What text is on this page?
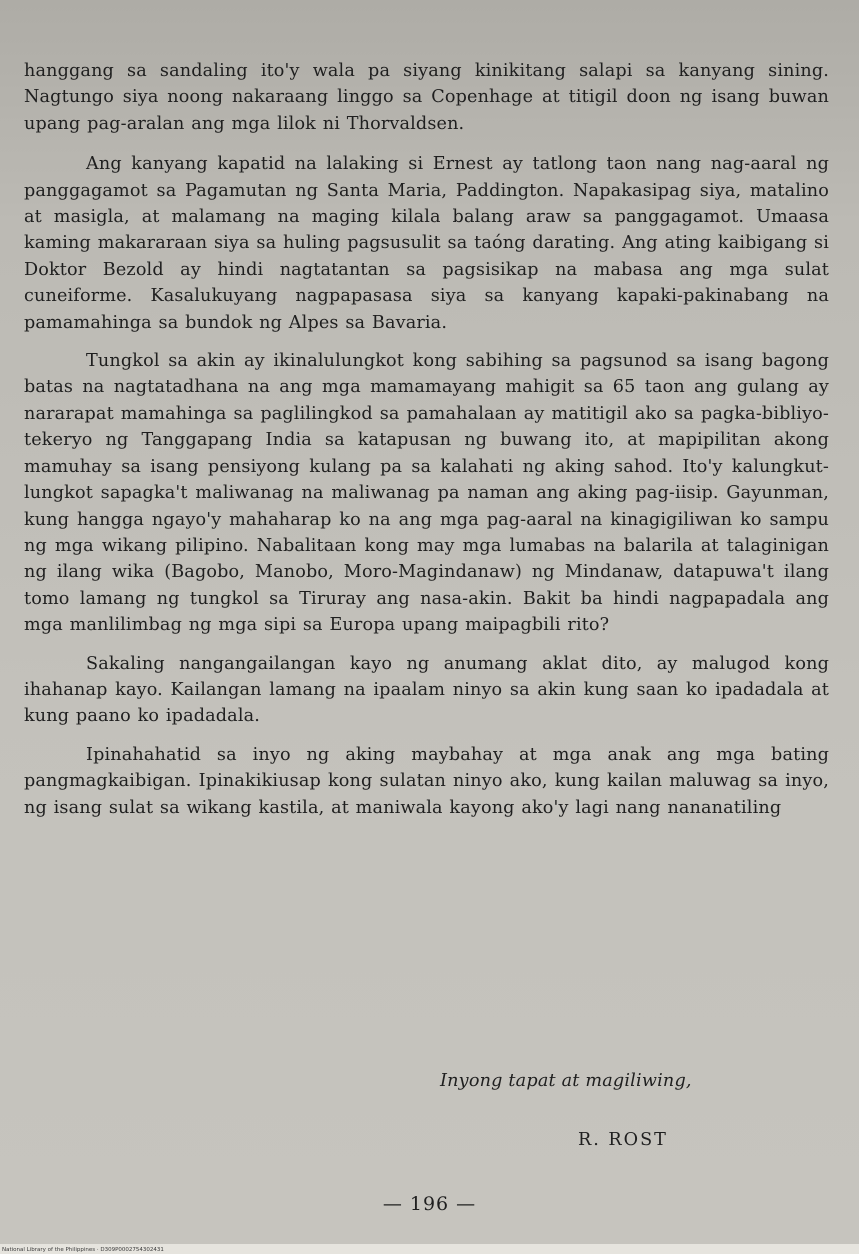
hanggang sa sandaling ito'y wala pa siyang kinikitang salapi sa kanyang sining. Nagtungo siya noong nakaraang linggo sa Copenhage at titigil doon ng isang buwan upang pag-aralan ang mga lilok ni Thorvaldsen.

Ang kanyang kapatid na lalaking si Ernest ay tatlong taon nang nag-aaral ng panggagamot sa Pagamutan ng Santa Maria, Paddington. Napakasipag siya, matalino at masigla, at malamang na maging kilala balang araw sa panggagamot. Umaasa kaming makararaan siya sa huling pagsusulit sa taóng darating. Ang ating kaibigang si Doktor Bezold ay hindi nagtatantan sa pagsisikap na mabasa ang mga sulat cuneiforme. Kasalukuyang nagpapasasa siya sa kanyang kapaki-pakinabang na pamamahinga sa bundok ng Alpes sa Bavaria.

Tungkol sa akin ay ikinalulungkot kong sabihing sa pagsunod sa isang bagong batas na nagtatadhana na ang mga mamamayang mahigit sa 65 taon ang gulang ay nararapat mamahinga sa paglilingkod sa pamahalaan ay matitigil ako sa pagka-bibliyo-tekeryo ng Tanggapang India sa katapusan ng buwang ito, at mapipilitan akong mamuhay sa isang pensiyong kulang pa sa kalahati ng aking sahod. Ito'y kalungkut-lungkot sapagka't maliwanag na maliwanag pa naman ang aking pag-iisip. Gayunman, kung hangga ngayo'y mahaharap ko na ang mga pag-aaral na kinagigiliwan ko sampu ng mga wikang pilipino. Nabalitaan kong may mga lumabas na balarila at talaginigan ng ilang wika (Bagobo, Manobo, Moro-Magindanaw) ng Mindanaw, datapuwa't ilang tomo lamang ng tungkol sa Tiruray ang nasa-akin. Bakit ba hindi nagpapadala ang mga manlilimbag ng mga sipi sa Europa upang maipagbili rito?

Sakaling nangangailangan kayo ng anumang aklat dito, ay malugod kong ihahanap kayo. Kailangan lamang na ipaalam ninyo sa akin kung saan ko ipadadala at kung paano ko ipadadala.

Ipinahahatid sa inyo ng aking maybahay at mga anak ang mga bating pangmagkaibigan. Ipinakikiusap kong sulatan ninyo ako, kung kailan maluwag sa inyo, ng isang sulat sa wikang kastila, at maniwala kayong ako'y lagi nang nananatiling

Inyong tapat at magiliwing,
R. ROST
— 196 —
National Library of the Philippines · D309P0002754302431
